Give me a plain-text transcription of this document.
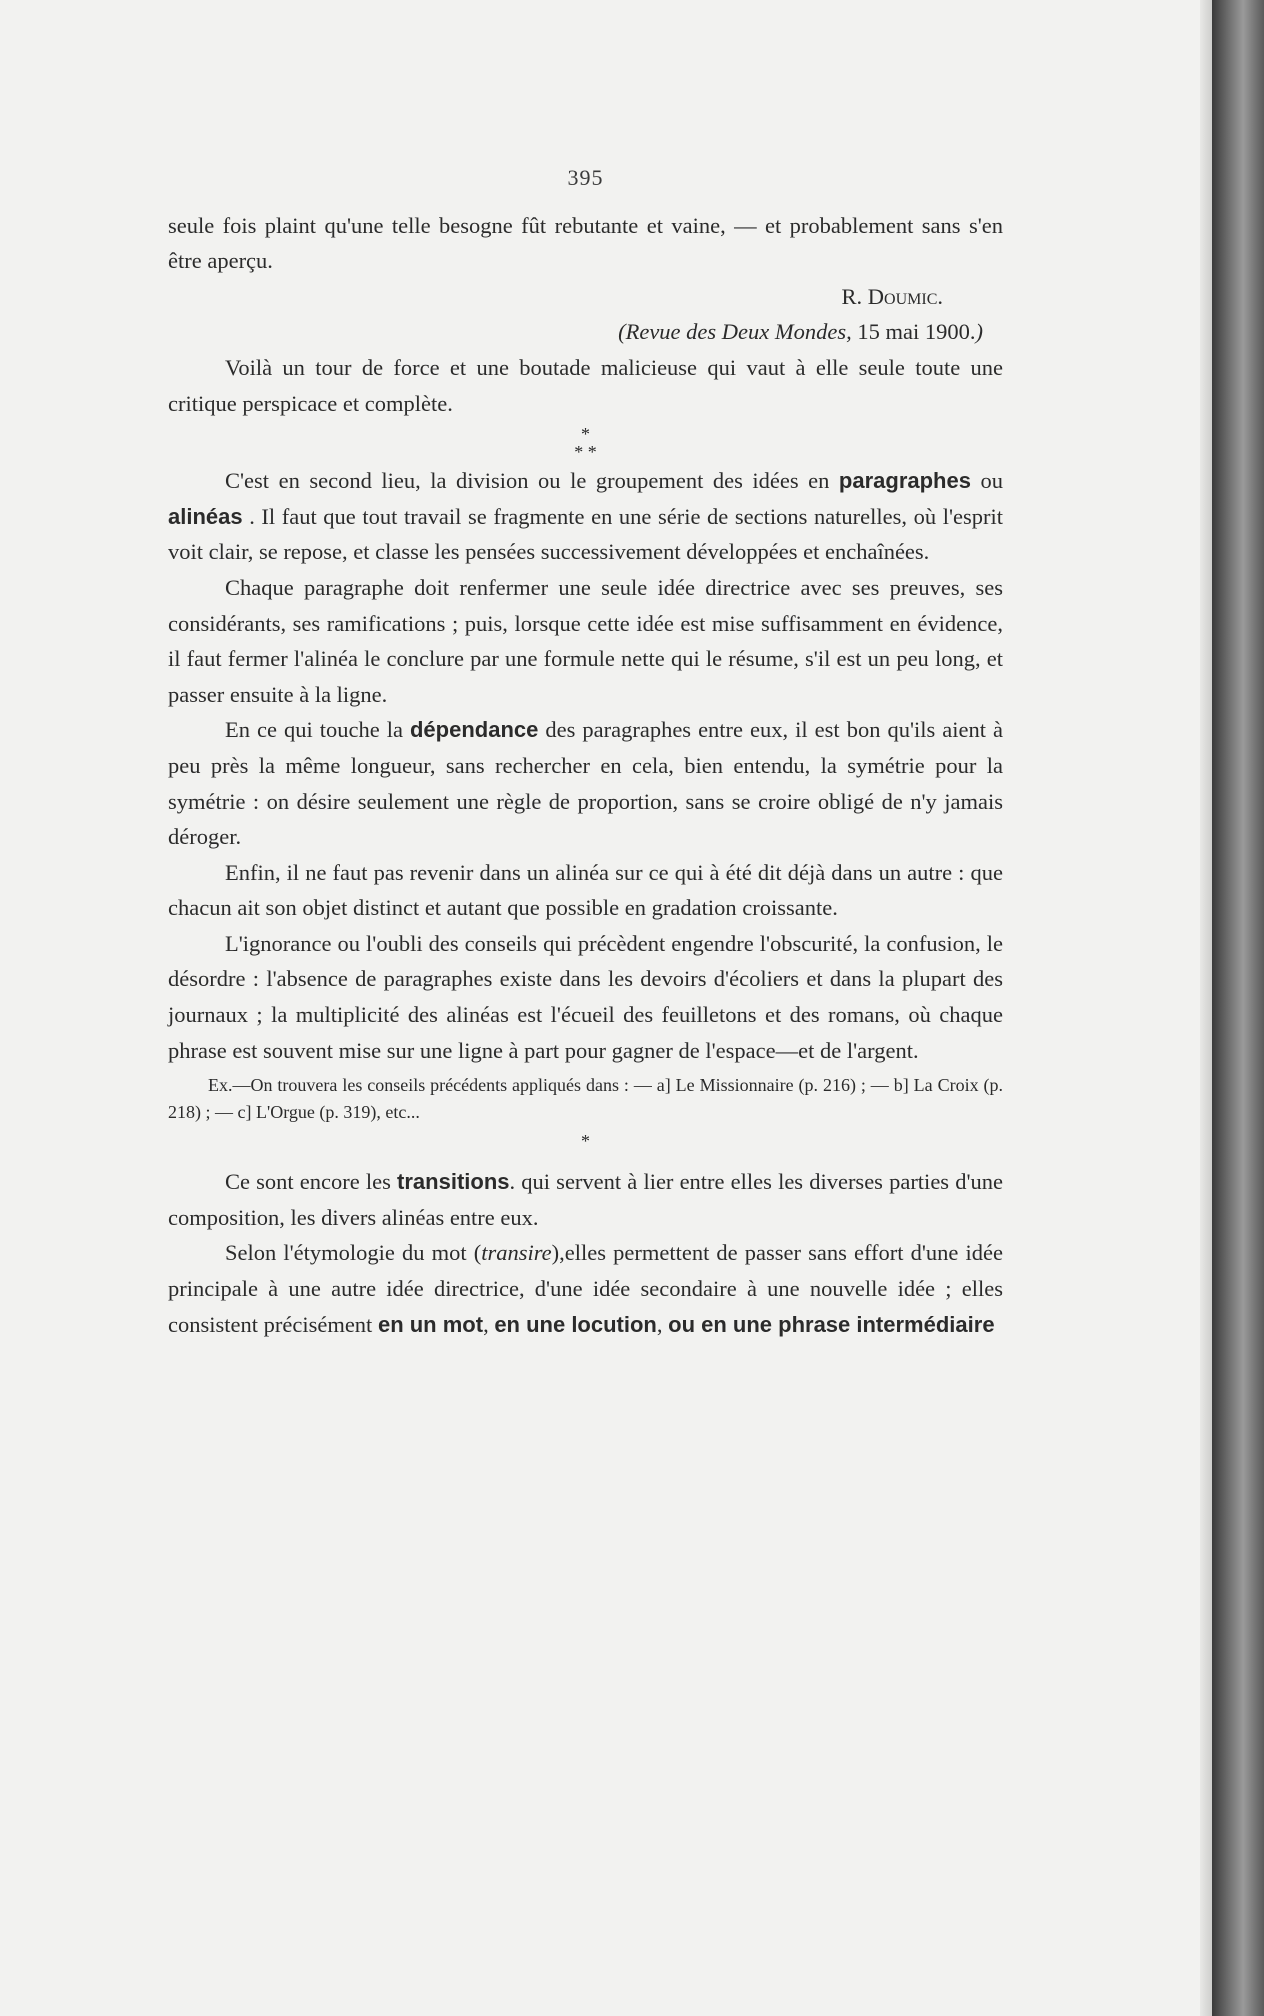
395

seule fois plaint qu'une telle besogne fût rebutante et vaine, — et probablement sans s'en être aperçu.

R. Doumic.

(Revue des Deux Mondes, 15 mai 1900.)

Voilà un tour de force et une boutade malicieuse qui vaut à elle seule toute une critique perspicace et complète.

*
* *

C'est en second lieu, la division ou le groupement des idées en paragraphes ou alinéas . Il faut que tout travail se fragmente en une série de sections naturelles, où l'esprit voit clair, se repose, et classe les pensées successivement développées et enchaînées.

Chaque paragraphe doit renfermer une seule idée directrice avec ses preuves, ses considérants, ses ramifications ; puis, lorsque cette idée est mise suffisamment en évidence, il faut fermer l'alinéa le conclure par une formule nette qui le résume, s'il est un peu long, et passer ensuite à la ligne.

En ce qui touche la dépendance des paragraphes entre eux, il est bon qu'ils aient à peu près la même longueur, sans rechercher en cela, bien entendu, la symétrie pour la symétrie : on désire seulement une règle de proportion, sans se croire obligé de n'y jamais déroger.

Enfin, il ne faut pas revenir dans un alinéa sur ce qui à été dit déjà dans un autre : que chacun ait son objet distinct et autant que possible en gradation croissante.

L'ignorance ou l'oubli des conseils qui précèdent engendre l'obscurité, la confusion, le désordre : l'absence de paragraphes existe dans les devoirs d'écoliers et dans la plupart des journaux ; la multiplicité des alinéas est l'écueil des feuilletons et des romans, où chaque phrase est souvent mise sur une ligne à part pour gagner de l'espace—et de l'argent.

Ex.—On trouvera les conseils précédents appliqués dans : — a] Le Missionnaire (p. 216) ; — b] La Croix (p. 218) ; — c] L'Orgue (p. 319), etc...

*

Ce sont encore les transitions. qui servent à lier entre elles les diverses parties d'une composition, les divers alinéas entre eux.

Selon l'étymologie du mot (transire),elles permettent de passer sans effort d'une idée principale à une autre idée directrice, d'une idée secondaire à une nouvelle idée ; elles consistent précisément en un mot, en une locution, ou en une phrase intermédiaire
